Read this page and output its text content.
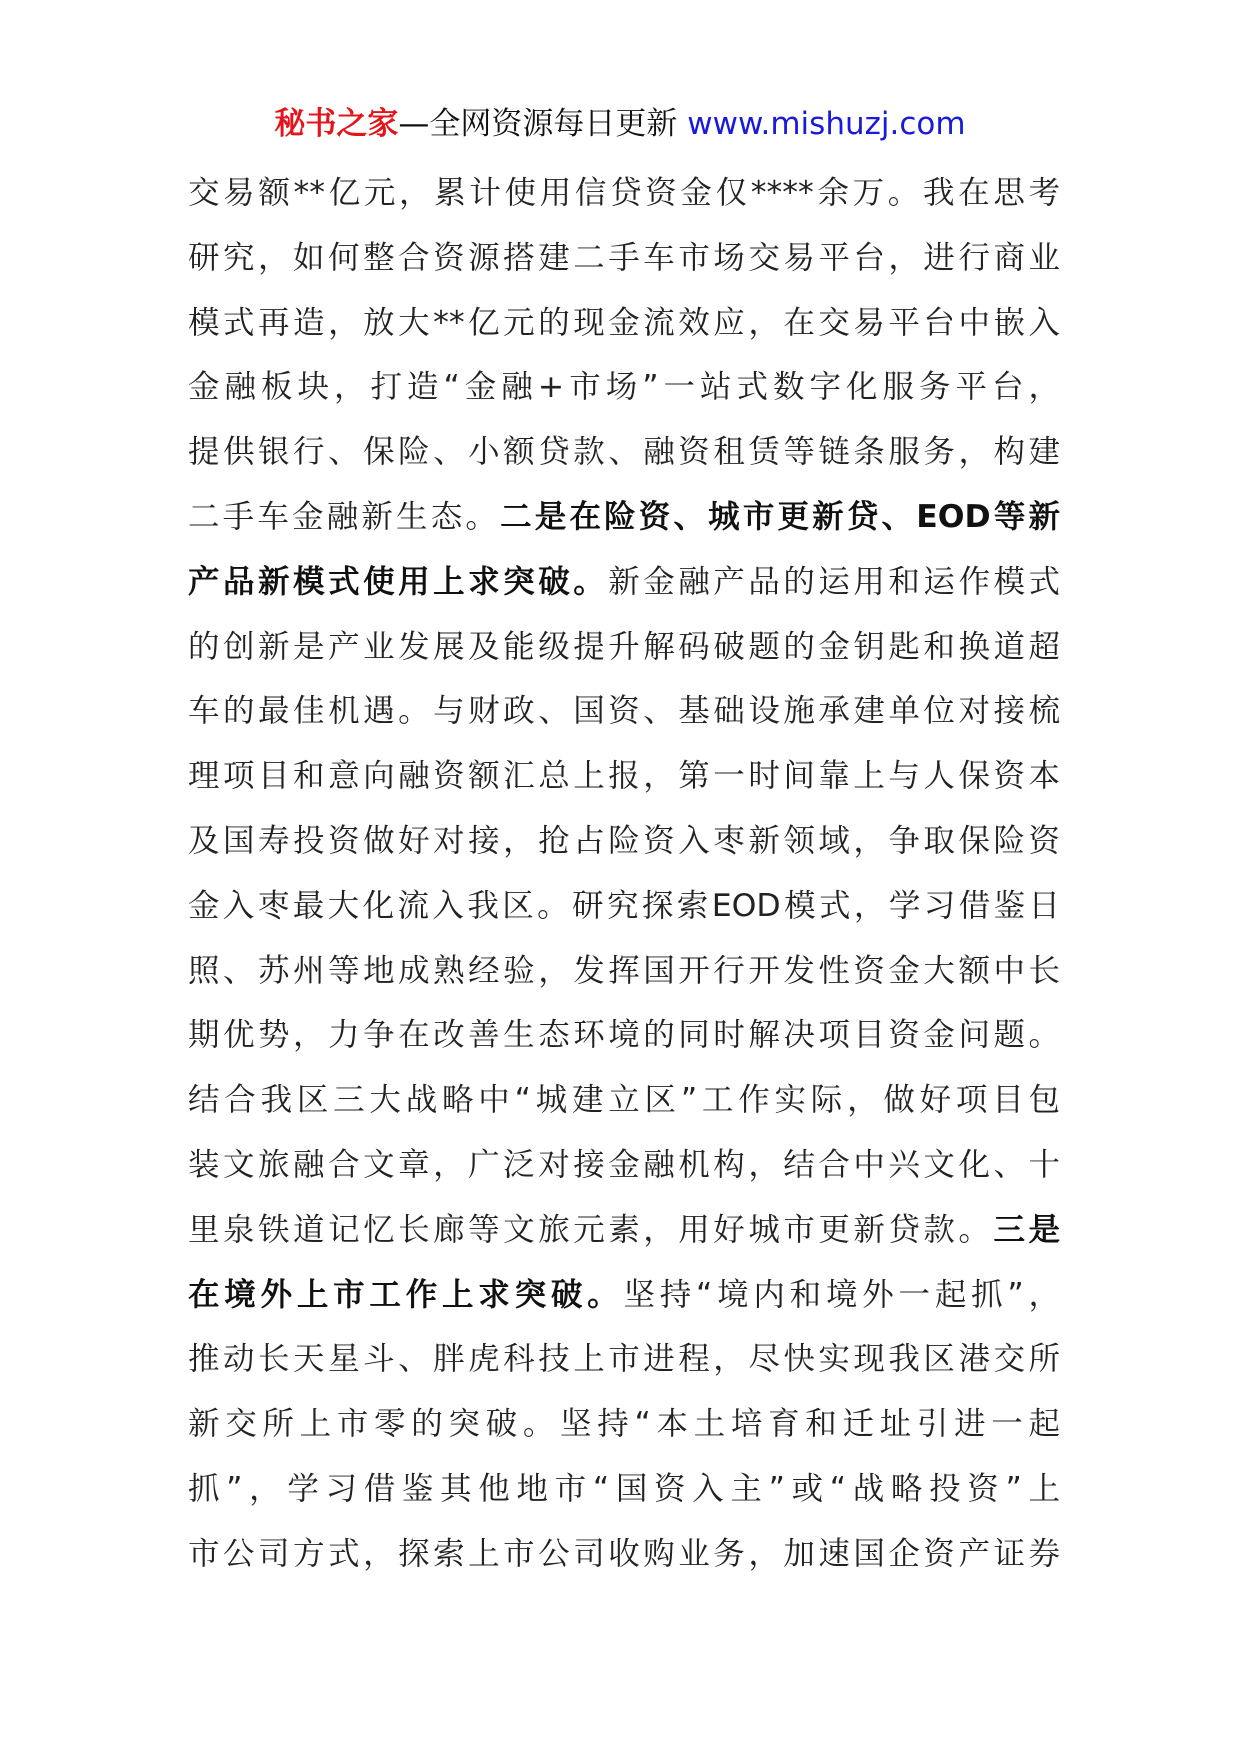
秘书之家—全网资源每日更新 www.mishuzj.com
交易额**亿元，累计使用信贷资金仅****余万。我在思考
研究，如何整合资源搭建二手车市场交易平台，进行商业
模式再造，放大**亿元的现金流效应，在交易平台中嵌入
金融板块，打造“金融+市场”一站式数字化服务平台，
提供银行、保险、小额贷款、融资租赁等链条服务，构建
二手车金融新生态。二是在险资、城市更新贷、EOD等新
产品新模式使用上求突破。新金融产品的运用和运作模式
的创新是产业发展及能级提升解码破题的金钥匙和换道超
车的最佳机遇。与财政、国资、基础设施承建单位对接梳
理项目和意向融资额汇总上报，第一时间靠上与人保资本
及国寿投资做好对接，抢占险资入枣新领域，争取保险资
金入枣最大化流入我区。研究探索EOD模式，学习借鉴日
照、苏州等地成熟经验，发挥国开行开发性资金大额中长
期优势，力争在改善生态环境的同时解决项目资金问题。
结合我区三大战略中“城建立区”工作实际，做好项目包
装文旅融合文章，广泛对接金融机构，结合中兴文化、十
里泉铁道记忆长廊等文旅元素，用好城市更新贷款。三是
在境外上市工作上求突破。坚持“境内和境外一起抓”，
推动长天星斗、胖虎科技上市进程，尽快实现我区港交所
新交所上市零的突破。坚持“本土培育和迁址引进一起
抓”，学习借鉴其他地市“国资入主”或“战略投资”上
市公司方式，探索上市公司收购业务，加速国企资产证券
